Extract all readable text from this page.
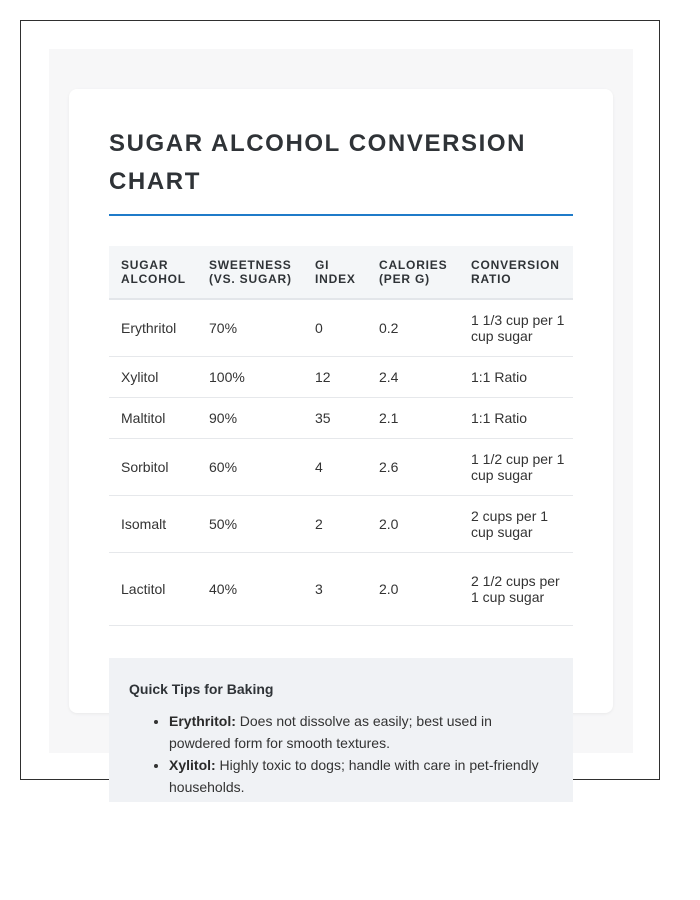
SUGAR ALCOHOL CONVERSION CHART
SUGAR ALCOHOL	SWEETNESS (VS. SUGAR)	GI INDEX	CALORIES (PER G)	CONVERSION RATIO
Erythritol	70%	0	0.2	1 1/3 cup per 1 cup sugar
Xylitol	100%	12	2.4	1:1 Ratio
Maltitol	90%	35	2.1	1:1 Ratio
Sorbitol	60%	4	2.6	1 1/2 cup per 1 cup sugar
Isomalt	50%	2	2.0	2 cups per 1 cup sugar
Lactitol	40%	3	2.0	2 1/2 cups per 1 cup sugar
Quick Tips for Baking
• Erythritol: Does not dissolve as easily; best used in powdered form for smooth textures.
• Xylitol: Highly toxic to dogs; handle with care in pet-friendly households.
